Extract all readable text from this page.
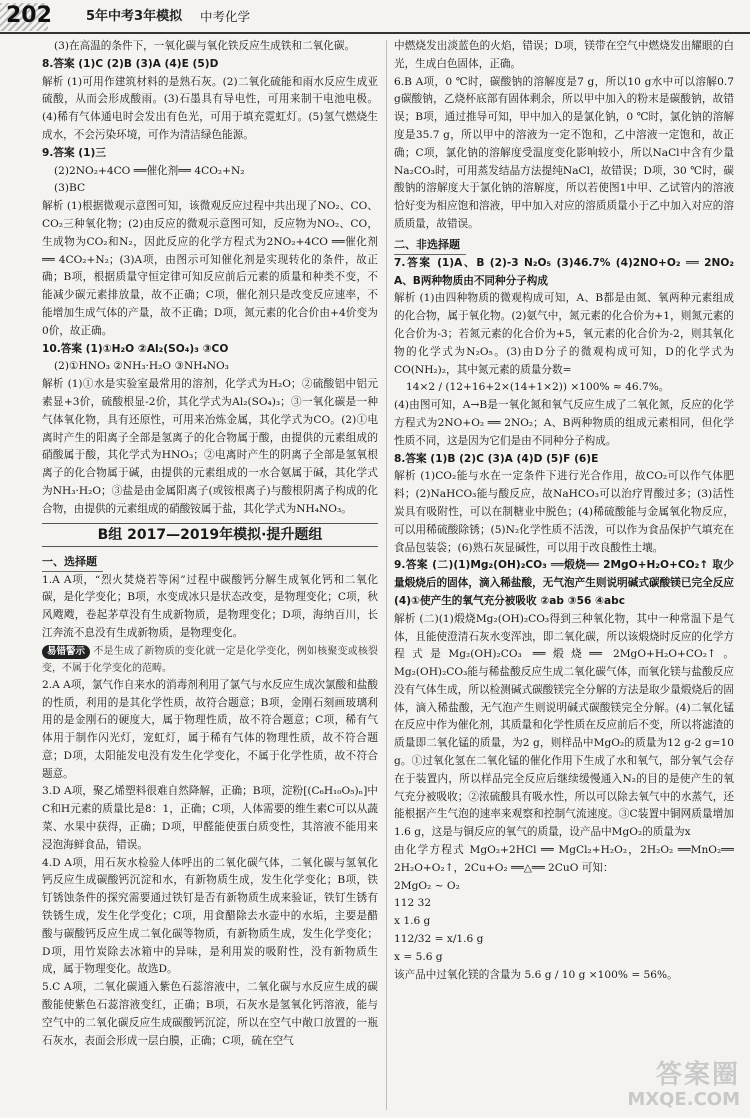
202	5年中考3年模拟 中考化学

(3)在高温的条件下，一氧化碳与氧化铁反应生成铁和二氧化碳。

8.答案 (1)C (2)B (3)A (4)E (5)D

解析 (1)可用作建筑材料的是熟石灰。(2)二氧化硫能和雨水反应生成亚硫酸，从而会形成酸雨。(3)石墨具有导电性，可用来制干电池电极。(4)稀有气体通电时会发出有色光，可用于填充霓虹灯。(5)氢气燃烧生成水，不会污染环境，可作为清洁绿色能源。

9.答案 (1)三

(2)2NO₂+4CO ══催化剂══ 4CO₂+N₂

(3)BC

解析 (1)根据微观示意图可知，该微观反应过程中共出现了NO₂、CO、CO₂三种氧化物；(2)由反应的微观示意图可知，反应物为NO₂、CO，生成物为CO₂和N₂，因此反应的化学方程式为2NO₂+4CO ══催化剂══ 4CO₂+N₂；(3)A项，由图示可知催化剂是实现转化的条件，故正确；B项，根据质量守恒定律可知反应前后元素的质量和种类不变，不能减少碳元素排放量，故不正确；C项，催化剂只是改变反应速率，不能增加生成气体的产量，故不正确；D项，氮元素的化合价由+4价变为0价，故正确。

10.答案 (1)①H₂O ②Al₂(SO₄)₃ ③CO

(2)①HNO₃ ②NH₃·H₂O ③NH₄NO₃

解析 (1)①水是实验室最常用的溶剂，化学式为H₂O；②硫酸铝中铝元素显+3价，硫酸根显-2价，其化学式为Al₂(SO₄)₃；③一氧化碳是一种气体氧化物，具有还原性，可用来冶炼金属，其化学式为CO。(2)①电离时产生的阳离子全部是氢离子的化合物属于酸，由提供的元素组成的硝酸属于酸，其化学式为HNO₃；②电离时产生的阴离子全部是氢氧根离子的化合物属于碱，由提供的元素组成的一水合氨属于碱，其化学式为NH₃·H₂O；③盐是由金属阳离子(或铵根离子)与酸根阴离子构成的化合物，由提供的元素组成的硝酸铵属于盐，其化学式为NH₄NO₃。

B组 2017—2019年模拟·提升题组
一、选择题

1.A A项，“烈火焚烧若等闲”过程中碳酸钙分解生成氧化钙和二氧化碳，是化学变化；B项，水变成冰只是状态改变，是物理变化；C项，秋风飕飕，卷起茅草没有生成新物质，是物理变化；D项，海纳百川，长江奔流不息没有生成新物质，是物理变化。

易错警示 不是生成了新物质的变化就一定是化学变化，例如核聚变或核裂变，不属于化学变化的范畴。

2.A A项，氯气作自来水的消毒剂利用了氯气与水反应生成次氯酸和盐酸的性质，利用的是其化学性质，故符合题意；B项，金刚石刻画玻璃利用的是金刚石的硬度大，属于物理性质，故不符合题意；C项，稀有气体用于制作闪光灯，宠虹灯，属于稀有气体的物理性质，故不符合题意；D项，太阳能发电没有发生化学变化，不属于化学性质，故不符合题意。

3.D A项，聚乙烯塑料很难自然降解，正确；B项，淀粉[(C₆H₁₀O₅)ₙ]中C和H元素的质量比是8：1，正确；C项，人体需要的维生素C可以从蔬菜、水果中获得，正确；D项，甲醛能使蛋白质变性，其溶液不能用来浸泡海鲜食品，错误。

4.D A项，用石灰水检验人体呼出的二氧化碳气体，二氧化碳与氢氧化钙反应生成碳酸钙沉淀和水，有新物质生成，发生化学变化；B项，铁钉锈蚀条件的探究需要通过铁钉是否有新物质生成来验证，铁钉生锈有铁锈生成，发生化学变化；C项，用食醋除去水壶中的水垢，主要是醋酸与碳酸钙反应生成二氧化碳等物质，有新物质生成，发生化学变化；D项，用竹炭除去冰箱中的异味，是利用炭的吸附性，没有新物质生成，属于物理变化。故选D。

5.C A项，二氧化碳通入紫色石蕊溶液中，二氧化碳与水反应生成的碳酸能使紫色石蕊溶液变红，正确；B项，石灰水是氢氧化钙溶液，能与空气中的二氧化碳反应生成碳酸钙沉淀，所以在空气中敞口放置的一瓶石灰水，表面会形成一层白膜，正确；C项，硫在空气

中燃烧发出淡蓝色的火焰，错误；D项，镁带在空气中燃烧发出耀眼的白光，生成白色固体，正确。

6.B A项，0 ℃时，碳酸钠的溶解度是7 g，所以10 g水中可以溶解0.7 g碳酸钠，乙烧杯底部有固体剩余，所以甲中加入的粉末是碳酸钠，故错误；B项，通过推导可知，甲中加入的是氯化钠，0 ℃时，氯化钠的溶解度是35.7 g，所以甲中的溶液为一定不饱和，乙中溶液一定饱和，故正确；C项，氯化钠的溶解度受温度变化影响较小，所以NaCl中含有少量Na₂CO₃时，可用蒸发结晶方法提纯NaCl，故错误；D项，30 ℃时，碳酸钠的溶解度大于氯化钠的溶解度，所以若使图1中甲、乙试管内的溶液恰好变为相应饱和溶液，甲中加入对应的溶质质量小于乙中加入对应的溶质质量，故错误。

二、非选择题

7.答案 (1)A、B (2)-3 N₂O₅ (3)46.7% (4)2NO+O₂ ══ 2NO₂ A、B两种物质由不同种分子构成

解析 (1)由四种物质的微观构成可知，A、B都是由氮、氧两种元素组成的化合物，属于氧化物。(2)氨气中，氮元素的化合价为+1，则氮元素的化合价为-3；若氮元素的化合价为+5，氧元素的化合价为-2，则其氧化物的化学式为N₂O₅。(3)由D分子的微观构成可知，D的化学式为CO(NH₂)₂，其中氮元素的质量分数=

14×2 / (12+16+2×(14+1×2)) ×100% ≈ 46.7%。

(4)由图可知，A→B是一氧化氮和氧气反应生成了二氧化氮，反应的化学方程式为2NO+O₂ ══ 2NO₂；A、B两种物质的组成元素相同，但化学性质不同，这是因为它们是由不同种分子构成。

8.答案 (1)B (2)C (3)A (4)D (5)F (6)E

解析 (1)CO₂能与水在一定条件下进行光合作用，故CO₂可以作气体肥料；(2)NaHCO₃能与酸反应，故NaHCO₃可以治疗胃酸过多；(3)活性炭具有吸附性，可以在制糖业中脱色；(4)稀硫酸能与金属氧化物反应，可以用稀硫酸除锈；(5)N₂化学性质不活泼，可以作为食品保护气填充在食品包装袋；(6)熟石灰显碱性，可以用于改良酸性土壤。

9.答案 (二)(1)Mg₂(OH)₂CO₃ ══煅烧══ 2MgO+H₂O+CO₂↑ 取少量煅烧后的固体，滴入稀盐酸，无气泡产生则说明碱式碳酸镁已完全反应 (4)①使产生的氧气充分被吸收 ②ab ③56 ④abc

解析 (二)(1)煅烧Mg₂(OH)₂CO₃得到三种氧化物，其中一种常温下是气体，且能使澄清石灰水变浑浊，即二氧化碳，所以该煅烧时反应的化学方程式是Mg₂(OH)₂CO₃ ══煅烧══ 2MgO+H₂O+CO₂↑。Mg₂(OH)₂CO₃能与稀盐酸反应生成二氧化碳气体，而氧化镁与盐酸反应没有气体生成，所以检测碱式碳酸镁完全分解的方法是取少量煅烧后的固体，滴入稀盐酸，无气泡产生则说明碱式碳酸镁完全分解。(4)二氧化锰在反应中作为催化剂，其质量和化学性质在反应前后不变，所以将滤渣的质量即二氧化锰的质量，为2 g，则样品中MgO₂的质量为12 g-2 g=10 g。①过氧化氢在二氧化锰的催化作用下生成了水和氧气，部分氧气会存在于装置内，所以样品完全反应后继续缓慢通入N₂的目的是使产生的氧气充分被吸收；②浓硫酸具有吸水性，所以可以除去氧气中的水蒸气，还能根据产生气泡的速率来观察和控制气流速度。③C装置中铜网质量增加1.6 g，这是与铜反应的氧气的质量，设产品中MgO₂的质量为x

由化学方程式 MgO₂+2HCl ══ MgCl₂+H₂O₂，2H₂O₂ ══MnO₂══ 2H₂O+O₂↑，2Cu+O₂ ══△══ 2CuO 可知：

2MgO₂ ~ O₂
112 32
x 1.6 g
112/32 = x/1.6 g
x = 5.6 g

该产品中过氧化镁的含量为 5.6 g / 10 g ×100% = 56%。

答案圈
MXQE.COM
